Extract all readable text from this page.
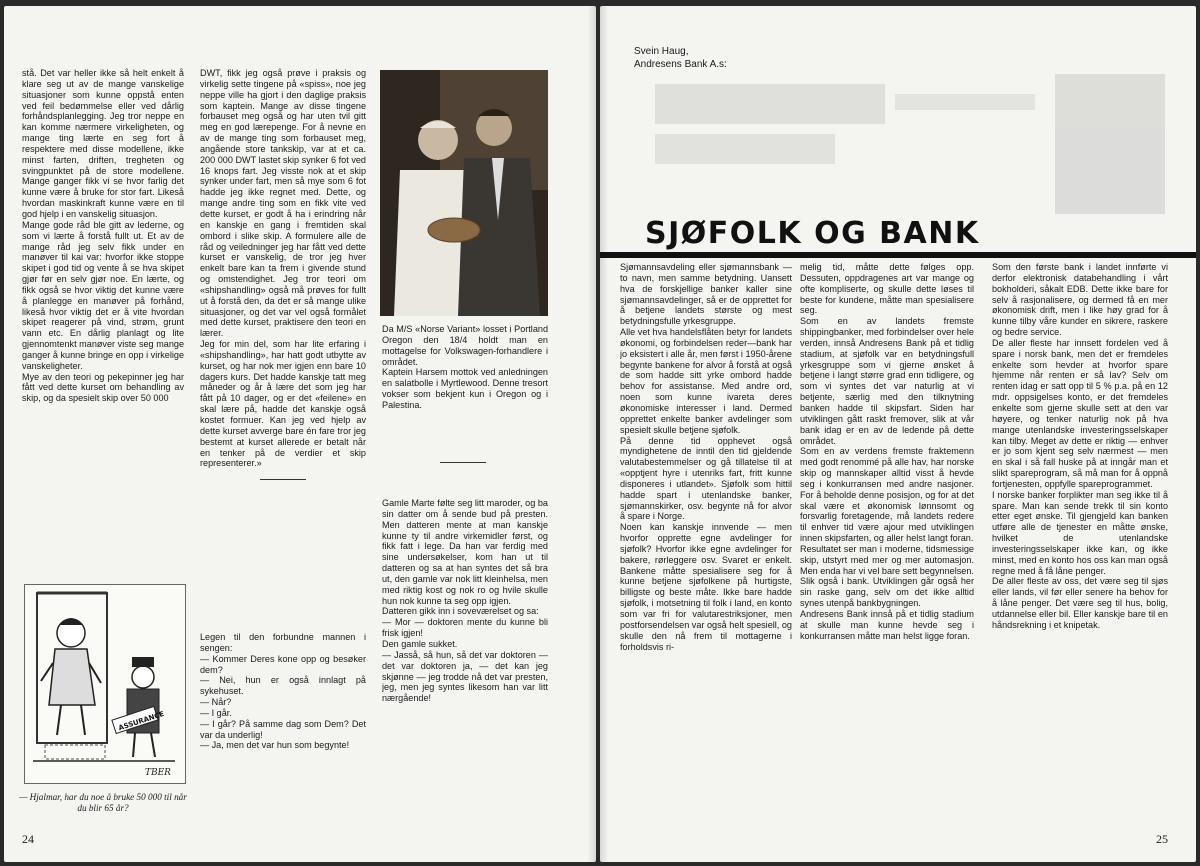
stå. Det var heller ikke så helt enkelt å klare seg ut av de mange vanskelige situasjoner som kunne oppstå enten ved feil bedømmelse eller ved dårlig forhåndsplanlegging. Jeg tror neppe en kan komme nærmere virkeligheten, og mange ting lærte en seg fort å respektere med disse modellene, ikke minst farten, driften, tregheten og svingpunktet på de store modellene. Mange ganger fikk vi se hvor farlig det kunne være å bruke for stor fart. Likeså hvordan maskinkraft kunne være en til god hjelp i en vanskelig situasjon.

Mange gode råd ble gitt av lederne, og som vi lærte å forstå fullt ut. Et av de mange råd jeg selv fikk under en manøver til kai var: hvorfor ikke stoppe skipet i god tid og vente å se hva skipet gjør før en selv gjør noe. En lærte, og fikk også se hvor viktig det kunne være å planlegge en manøver på forhånd, likeså hvor viktig det er å vite hvordan skipet reagerer på vind, strøm, grunt vann etc. En dårlig planlagt og lite gjennomtenkt manøver viste seg mange ganger å kunne bringe en opp i virkelige vanskeligheter.

Mye av den teori og pekepinner jeg har fått ved dette kurset om behandling av skip, og da spesielt skip over 50 000

ASSURANCE
TBER
— Hjalmar, har du noe å bruke 50 000 til når du blir 65 år?

DWT, fikk jeg også prøve i praksis og virkelig sette tingene på «spiss», noe jeg neppe ville ha gjort i den daglige praksis som kaptein. Mange av disse tingene forbauset meg også og har uten tvil gitt meg en god lærepenge. For å nevne en av de mange ting som forbauset meg, angående store tankskip, var at et ca. 200 000 DWT lastet skip synker 6 fot ved 16 knops fart. Jeg visste nok at et skip synker under fart, men så mye som 6 fot hadde jeg ikke regnet med. Dette, og mange andre ting som en fikk vite ved dette kurset, er godt å ha i erindring når en kanskje en gang i fremtiden skal ombord i slike skip. A formulere alle de råd og veiledninger jeg har fått ved dette kurset er vanskelig, de tror jeg hver enkelt bare kan ta frem i givende stund og omstendighet. Jeg tror teori om «shipshandling» også må prøves for fullt ut å forstå den, da det er så mange ulike situasjoner, og det var vel også formålet med dette kurset, praktisere den teori en lærer.

Jeg for min del, som har lite erfaring i «shipshandling», har hatt godt utbytte av kurset, og har nok mer igjen enn bare 10 dagers kurs. Det hadde kanskje tatt meg måneder og år å lære det som jeg har fått på 10 dager, og er det «feilene» en skal lære på, hadde det kanskje også kostet formuer. Kan jeg ved hjelp av dette kurset avverge bare én fare tror jeg bestemt at kurset allerede er betalt når en tenker på de verdier et skip representerer.»

Legen til den forbundne mannen i sengen:

— Kommer Deres kone opp og besøker dem?

— Nei, hun er også innlagt på sykehuset.

— Når?

— I går.

— I går? På samme dag som Dem? Det var da underlig!

— Ja, men det var hun som begynte!

Da M/S «Norse Variant» losset i Portland Oregon den 18/4 holdt man en mottagelse for Volkswagen-forhandlere i området.

Kaptein Harsem mottok ved anledningen en salatbolle i Myrtlewood. Denne tresort vokser som bekjent kun i Oregon og i Palestina.

Gamle Marte følte seg litt maroder, og ba sin datter om å sende bud på presten. Men datteren mente at man kanskje kunne ty til andre virkemidler først, og fikk fatt i lege. Da han var ferdig med sine undersøkelser, kom han ut til datteren og sa at han syntes det så bra ut, den gamle var nok litt kleinhelsa, men med riktig kost og nok ro og hvile skulle hun nok kunne ta seg opp igjen.

Datteren gikk inn i soveværelset og sa:

— Mor — doktoren mente du kunne bli frisk igjen!

Den gamle sukket.

— Jasså, så hun, så det var doktoren — det var doktoren ja, — det kan jeg skjønne — jeg trodde nå det var presten, jeg, men jeg syntes likesom han var litt nærgående!

24
Svein Haug,
Andresens Bank A.s:
SJØFOLK OG BANK

Sjømannsavdeling eller sjømannsbank — to navn, men samme betydning. Uansett hva de forskjellige banker kaller sine sjømannsavdelinger, så er de opprettet for å betjene landets største og mest betydningsfulle yrkesgruppe.

Alle vet hva handelsflåten betyr for landets økonomi, og forbindelsen reder—bank har jo eksistert i alle år, men først i 1950-årene begynte bankene for alvor å forstå at også de som hadde sitt yrke ombord hadde behov for assistanse. Med andre ord, noen som kunne ivareta deres økonomiske interesser i land. Dermed opprettet enkelte banker avdelinger som spesielt skulle betjene sjøfolk.

På denne tid opphevet også myndighetene de inntil den tid gjeldende valutabestemmelser og gå tillatelse til at «opptjent hyre i utenriks fart, fritt kunne disponeres i utlandet». Sjøfolk som hittil hadde spart i utenlandske banker, sjømannskirker, osv. begynte nå for alvor å spare i Norge.

Noen kan kanskje innvende — men hvorfor opprette egne avdelinger for sjøfolk? Hvorfor ikke egne avdelinger for bakere, rørleggere osv. Svaret er enkelt. Bankene måtte spesialisere seg for å kunne betjene sjøfolkene på hurtigste, billigste og beste måte. Ikke bare hadde sjøfolk, i motsetning til folk i land, en konto som var fri for valutarestriksjoner, men postforsendelsen var også helt spesiell, og skulle den nå frem til mottagerne i forholdsvis ri-

melig tid, måtte dette følges opp. Dessuten, oppdragenes art var mange og ofte kompliserte, og skulle dette løses til beste for kundene, måtte man spesialisere seg.

Som en av landets fremste shippingbanker, med forbindelser over hele verden, innså Andresens Bank på et tidlig stadium, at sjøfolk var en betydningsfull yrkesgruppe som vi gjerne ønsket å betjene i langt større grad enn tidligere, og som vi syntes det var naturlig at vi betjente, særlig med den tilknytning banken hadde til skipsfart. Siden har utviklingen gått raskt fremover, slik at vår bank idag er en av de ledende på dette området.

Som en av verdens fremste fraktemenn med godt renommé på alle hav, har norske skip og mannskaper alltid visst å hevde seg i konkurransen med andre nasjoner. For å beholde denne posisjon, og for at det skal være et økonomisk lønnsomt og forsvarlig foretagende, må landets redere til enhver tid være ajour med utviklingen innen skipsfarten, og aller helst langt foran.

Resultatet ser man i moderne, tidsmessige skip, utstyrt med mer og mer automasjon. Men enda har vi vel bare sett begynnelsen.

Slik også i bank. Utviklingen går også her sin raske gang, selv om det ikke alltid synes utenpå bankbygningen.

Andresens Bank innså på et tidlig stadium at skulle man kunne hevde seg i konkurransen måtte man helst ligge foran.

Som den første bank i landet innførte vi derfor elektronisk databehandling i vårt bokholderi, såkalt EDB. Dette ikke bare for selv å rasjonalisere, og dermed få en mer økonomisk drift, men i like høy grad for å kunne tilby våre kunder en sikrere, raskere og bedre service.

De aller fleste har innsett fordelen ved å spare i norsk bank, men det er fremdeles enkelte som hevder at hvorfor spare hjemme når renten er så lav? Selv om renten idag er satt opp til 5 % p.a. på en 12 mdr. oppsigelses konto, er det fremdeles enkelte som gjerne skulle sett at den var høyere, og tenker naturlig nok på hva mange utenlandske investeringsselskaper kan tilby. Meget av dette er riktig — enhver er jo som kjent seg selv nærmest — men en skal i så fall huske på at inngår man et slikt spareprogram, så må man for å oppnå fortjenesten, oppfylle spareprogrammet.

I norske banker forplikter man seg ikke til å spare. Man kan sende trekk til sin konto etter eget ønske. Til gjengjeld kan banken utføre alle de tjenester en måtte ønske, hvilket de utenlandske investeringsselskaper ikke kan, og ikke minst, med en konto hos oss kan man også regne med å få låne penger.

De aller fleste av oss, det være seg til sjøs eller lands, vil før eller senere ha behov for å låne penger. Det være seg til hus, bolig, utdannelse eller bil. Eller kanskje bare til en håndsrekning i et knipetak.

25
